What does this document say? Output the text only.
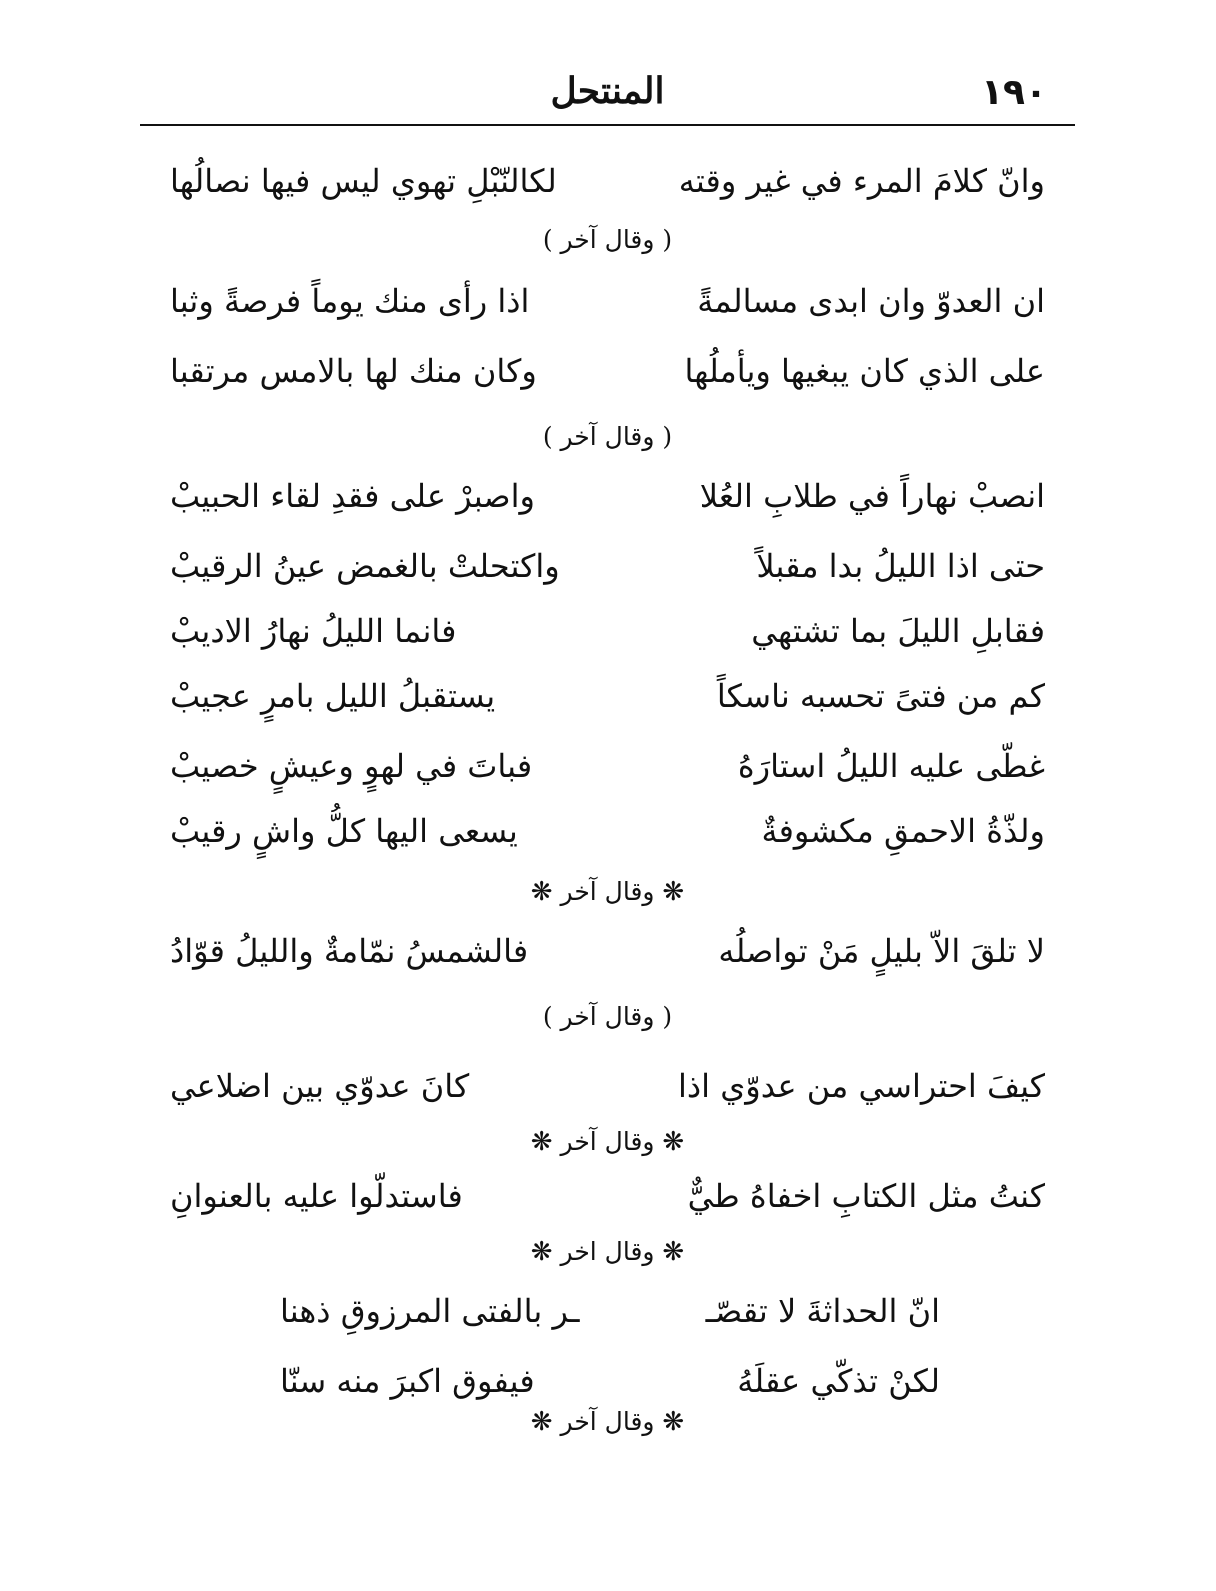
١٩٠
المنتحل
وانّ كلامَ المرء في غير وقته
لكالنّبْلِ تهوي ليس فيها نصالُها
( وقال آخر )
ان العدوّ وان ابدى مسالمةً
اذا رأى منك يوماً فرصةً وثبا
على الذي كان يبغيها ويأملُها
وكان منك لها بالامس مرتقبا
( وقال آخر )
انصبْ نهاراً في طلابِ العُلا
واصبرْ على فقدِ لقاء الحبيبْ
حتى اذا الليلُ بدا مقبلاً
واكتحلتْ بالغمض عينُ الرقيبْ
فقابلِ الليلَ بما تشتهي
فانما الليلُ نهارُ الاديبْ
كم من فتىً تحسبه ناسكاً
يستقبلُ الليل بامرٍ عجيبْ
غطّى عليه الليلُ استارَهُ
فباتَ في لهوٍ وعيشٍ خصيبْ
ولذّةُ الاحمقِ مكشوفةٌ
يسعى اليها كلُّ واشٍ رقيبْ
❋ وقال آخر ❋
لا تلقَ الاّ بليلٍ مَنْ تواصلُه
فالشمسُ نمّامةٌ والليلُ قوّادُ
( وقال آخر )
كيفَ احتراسي من عدوّي اذا
كانَ عدوّي بين اضلاعي
❋ وقال آخر ❋
كنتُ مثل الكتابِ اخفاهُ طيٌّ
فاستدلّوا عليه بالعنوانِ
❋ وقال اخر ❋
انّ الحداثةَ لا تقصّـ
ـر بالفتى المرزوقِ ذهنا
لكنْ تذكّي عقلَهُ
فيفوق اكبرَ منه سنّا
❋ وقال آخر ❋
